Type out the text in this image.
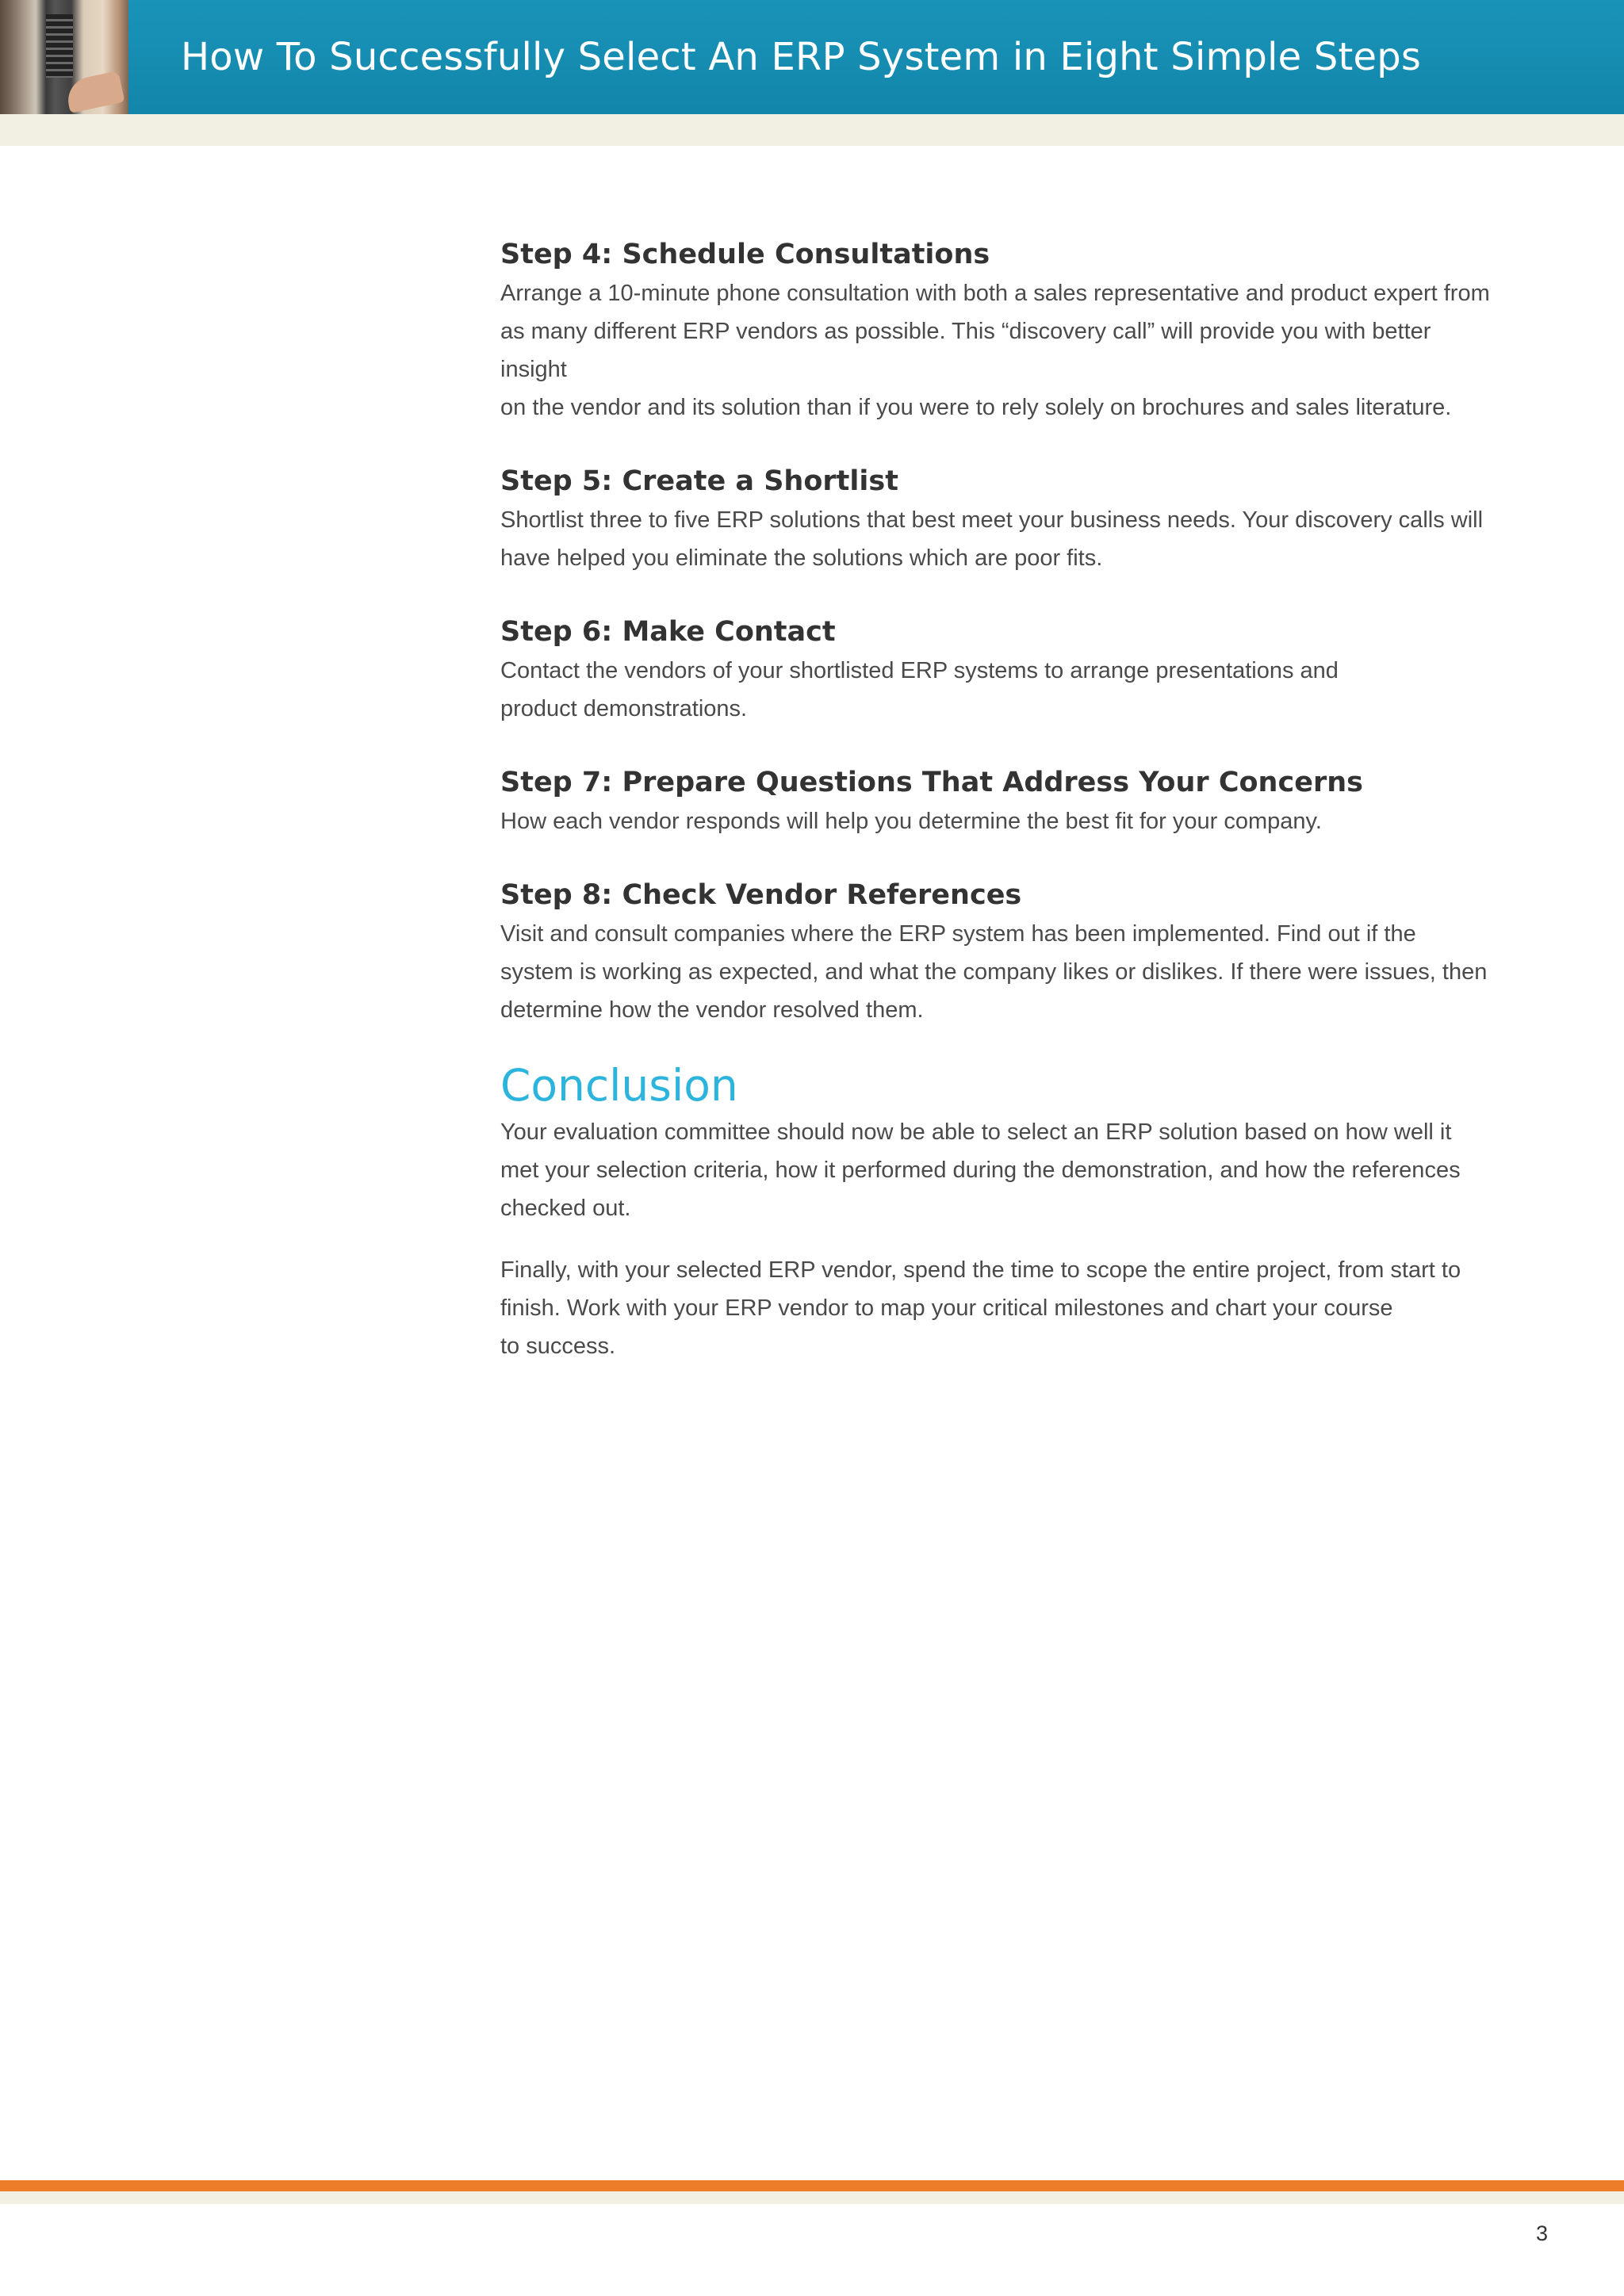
How To Successfully Select An ERP System in Eight Simple Steps
Step 4: Schedule Consultations
Arrange a 10-minute phone consultation with both a sales representative and product expert from
as many different ERP vendors as possible. This “discovery call” will provide you with better insight
on the vendor and its solution than if you were to rely solely on brochures and sales literature.
Step 5: Create a Shortlist
Shortlist three to five ERP solutions that best meet your business needs. Your discovery calls will
have helped you eliminate the solutions which are poor fits.
Step 6: Make Contact
Contact the vendors of your shortlisted ERP systems to arrange presentations and
product demonstrations.
Step 7: Prepare Questions That Address Your Concerns
How each vendor responds will help you determine the best fit for your company.
Step 8: Check Vendor References
Visit and consult companies where the ERP system has been implemented. Find out if the
system is working as expected, and what the company likes or dislikes. If there were issues, then
determine how the vendor resolved them.
Conclusion
Your evaluation committee should now be able to select an ERP solution based on how well it
met your selection criteria, how it performed during the demonstration, and how the references
checked out.
Finally, with your selected ERP vendor, spend the time to scope the entire project, from start to
finish. Work with your ERP vendor to map your critical milestones and chart your course
to success.
3
